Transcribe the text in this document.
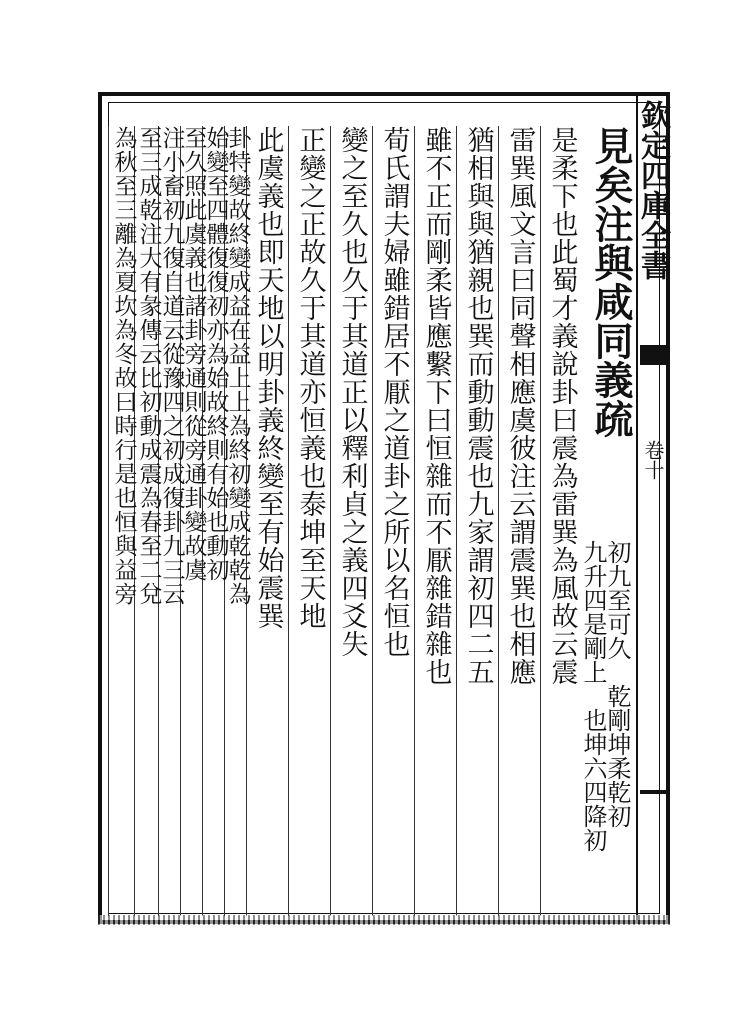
欽定四庫全書
卷十
見矣注與咸同義疏
初九至可久　乾剛坤柔乾初
九升四是剛上　也坤六四降初
是柔下也此蜀才義說卦曰震為雷巽為風故云震
雷巽風文言曰同聲相應虞彼注云謂震巽也相應
猶相與與猶親也巽而動動震也九家謂初四二五
雖不正而剛柔皆應繫下曰恒雜而不厭雜錯雜也
荀氏謂夫婦雖錯居不厭之道卦之所以名恒也
變之至久也久于其道正以釋利貞之義四爻失
正變之正故久于其道亦恒義也泰坤至天地
此虞義也即天地以明卦義終變至有始震巽
卦特變故終變成益在益上上為終初變成乾乾為
始變至四體復復初亦為始故終則有始也動初
至久照此虞義也諸卦旁通則從旁通卦變故虞
注小畜初九復自道云從豫四之初成復卦九三云
至三成乾注大有彖傳云比初動成震為春至二兌
為秋至三離為夏坎為冬故曰時行是也恒與益旁
